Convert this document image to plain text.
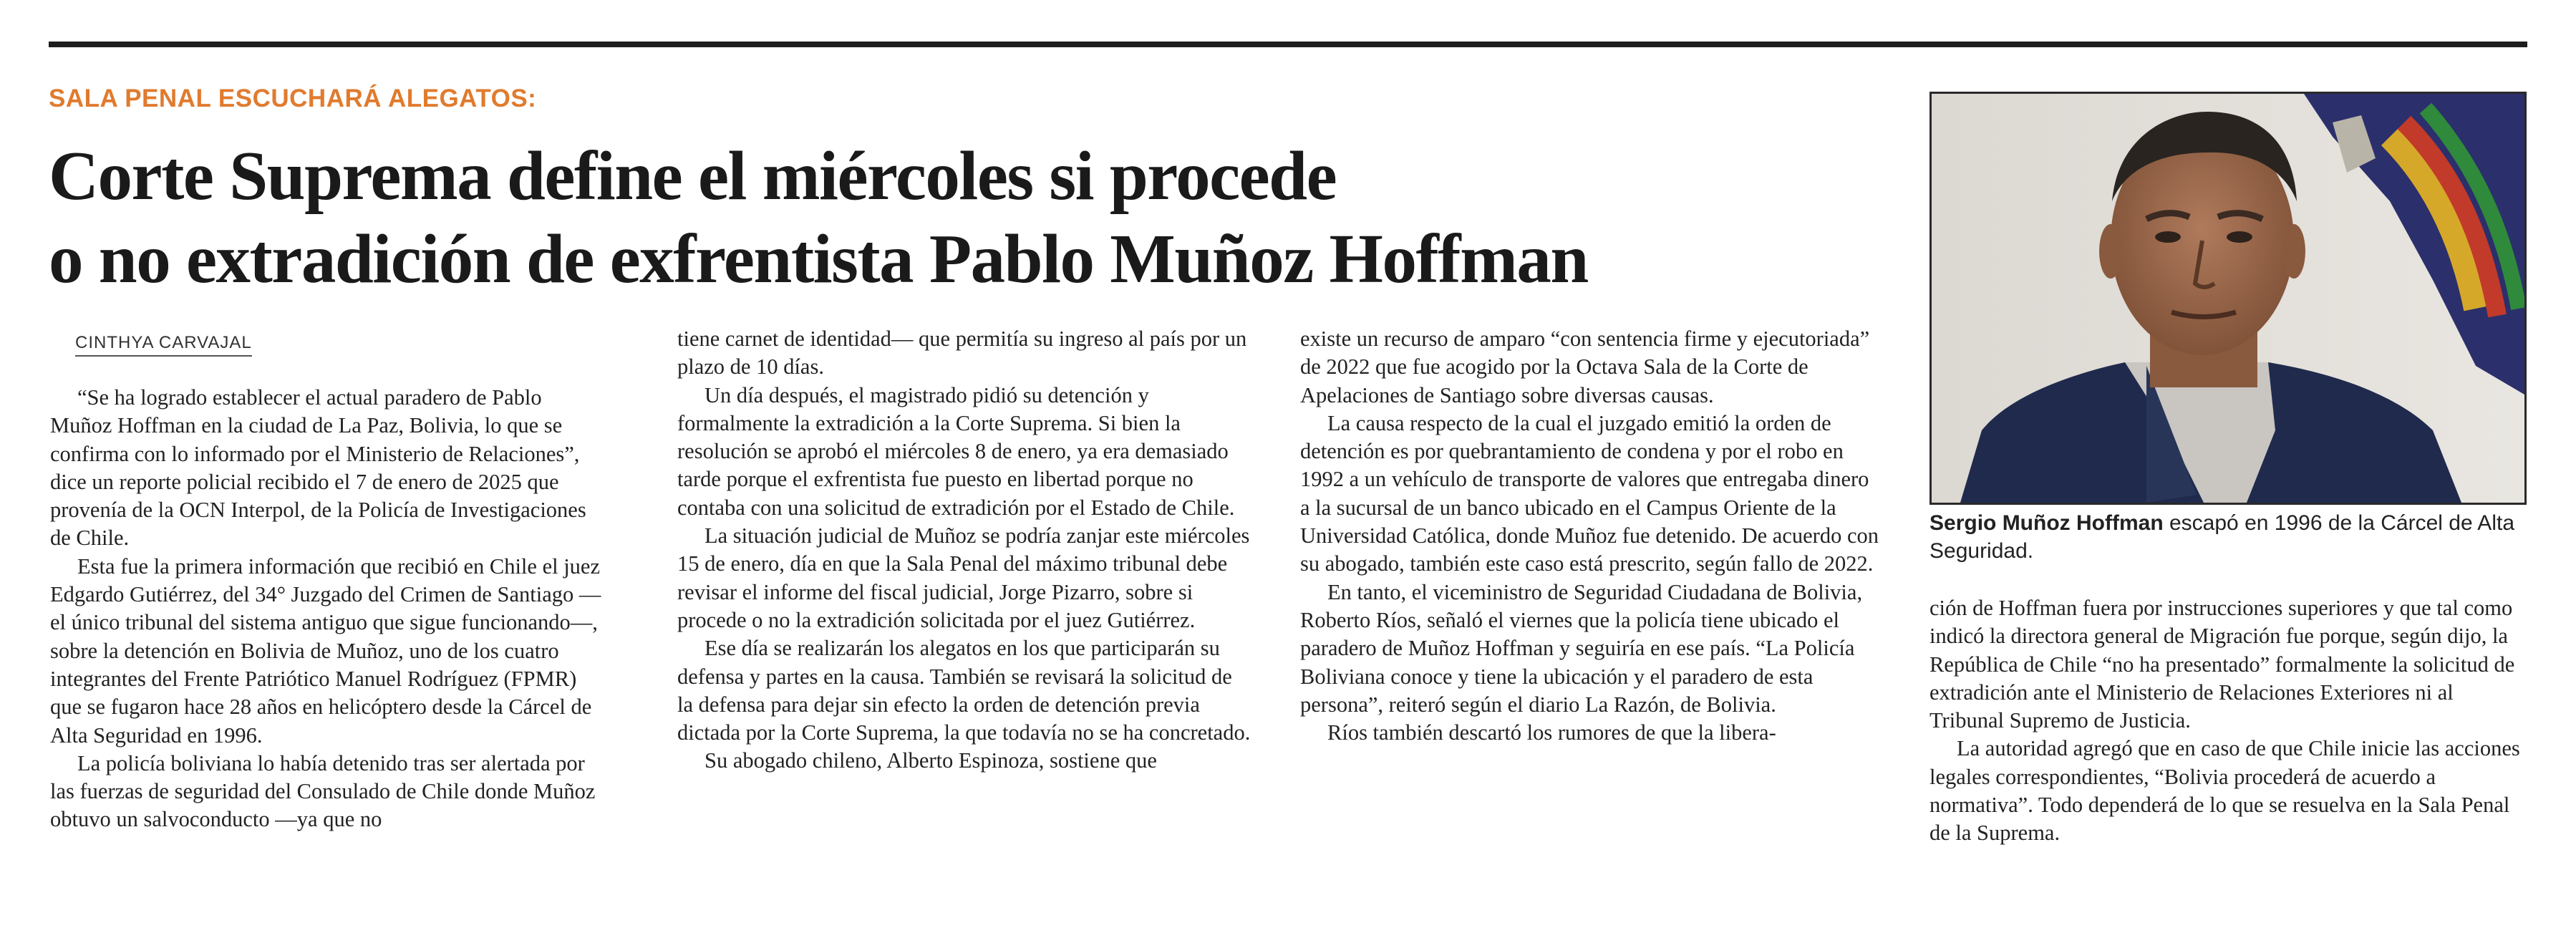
SALA PENAL ESCUCHARÁ ALEGATOS:
Corte Suprema define el miércoles si procede
o no extradición de exfrentista Pablo Muñoz Hoffman
CINTHYA CARVAJAL

“Se ha logrado establecer el actual paradero de Pablo Muñoz Hoffman en la ciudad de La Paz, Bolivia, lo que se confirma con lo informado por el Ministerio de Relaciones”, dice un reporte policial recibido el 7 de enero de 2025 que provenía de la OCN Interpol, de la Policía de Investigaciones de Chile.

Esta fue la primera información que recibió en Chile el juez Edgardo Gutiérrez, del 34° Juzgado del Crimen de Santiago —el único tribunal del sistema antiguo que sigue funcionando—, sobre la detención en Bolivia de Muñoz, uno de los cuatro integrantes del Frente Patriótico Manuel Rodríguez (FPMR) que se fugaron hace 28 años en helicóptero desde la Cárcel de Alta Seguridad en 1996.

La policía boliviana lo había detenido tras ser alertada por las fuerzas de seguridad del Consulado de Chile donde Muñoz obtuvo un salvoconducto —ya que no

tiene carnet de identidad— que permitía su ingreso al país por un plazo de 10 días.

Un día después, el magistrado pidió su detención y formalmente la extradición a la Corte Suprema. Si bien la resolución se aprobó el miércoles 8 de enero, ya era demasiado tarde porque el exfrentista fue puesto en libertad porque no contaba con una solicitud de extradición por el Estado de Chile.

La situación judicial de Muñoz se podría zanjar este miércoles 15 de enero, día en que la Sala Penal del máximo tribunal debe revisar el informe del fiscal judicial, Jorge Pizarro, sobre si procede o no la extradición solicitada por el juez Gutiérrez.

Ese día se realizarán los alegatos en los que participarán su defensa y partes en la causa. También se revisará la solicitud de la defensa para dejar sin efecto la orden de detención previa dictada por la Corte Suprema, la que todavía no se ha concretado.

Su abogado chileno, Alberto Espinoza, sostiene que

existe un recurso de amparo “con sentencia firme y ejecutoriada” de 2022 que fue acogido por la Octava Sala de la Corte de Apelaciones de Santiago sobre diversas causas.

La causa respecto de la cual el juzgado emitió la orden de detención es por quebrantamiento de condena y por el robo en 1992 a un vehículo de transporte de valores que entregaba dinero a la sucursal de un banco ubicado en el Campus Oriente de la Universidad Católica, donde Muñoz fue detenido. De acuerdo con su abogado, también este caso está prescrito, según fallo de 2022.

En tanto, el viceministro de Seguridad Ciudadana de Bolivia, Roberto Ríos, señaló el viernes que la policía tiene ubicado el paradero de Muñoz Hoffman y seguiría en ese país. “La Policía Boliviana conoce y tiene la ubicación y el paradero de esta persona”, reiteró según el diario La Razón, de Bolivia.

Ríos también descartó los rumores de que la libera-

Sergio Muñoz Hoffman escapó en 1996 de la Cárcel de Alta Seguridad.

ción de Hoffman fuera por instrucciones superiores y que tal como indicó la directora general de Migración fue porque, según dijo, la República de Chile “no ha presentado” formalmente la solicitud de extradición ante el Ministerio de Relaciones Exteriores ni al Tribunal Supremo de Justicia.

La autoridad agregó que en caso de que Chile inicie las acciones legales correspondientes, “Bolivia procederá de acuerdo a normativa”. Todo dependerá de lo que se resuelva en la Sala Penal de la Suprema.
